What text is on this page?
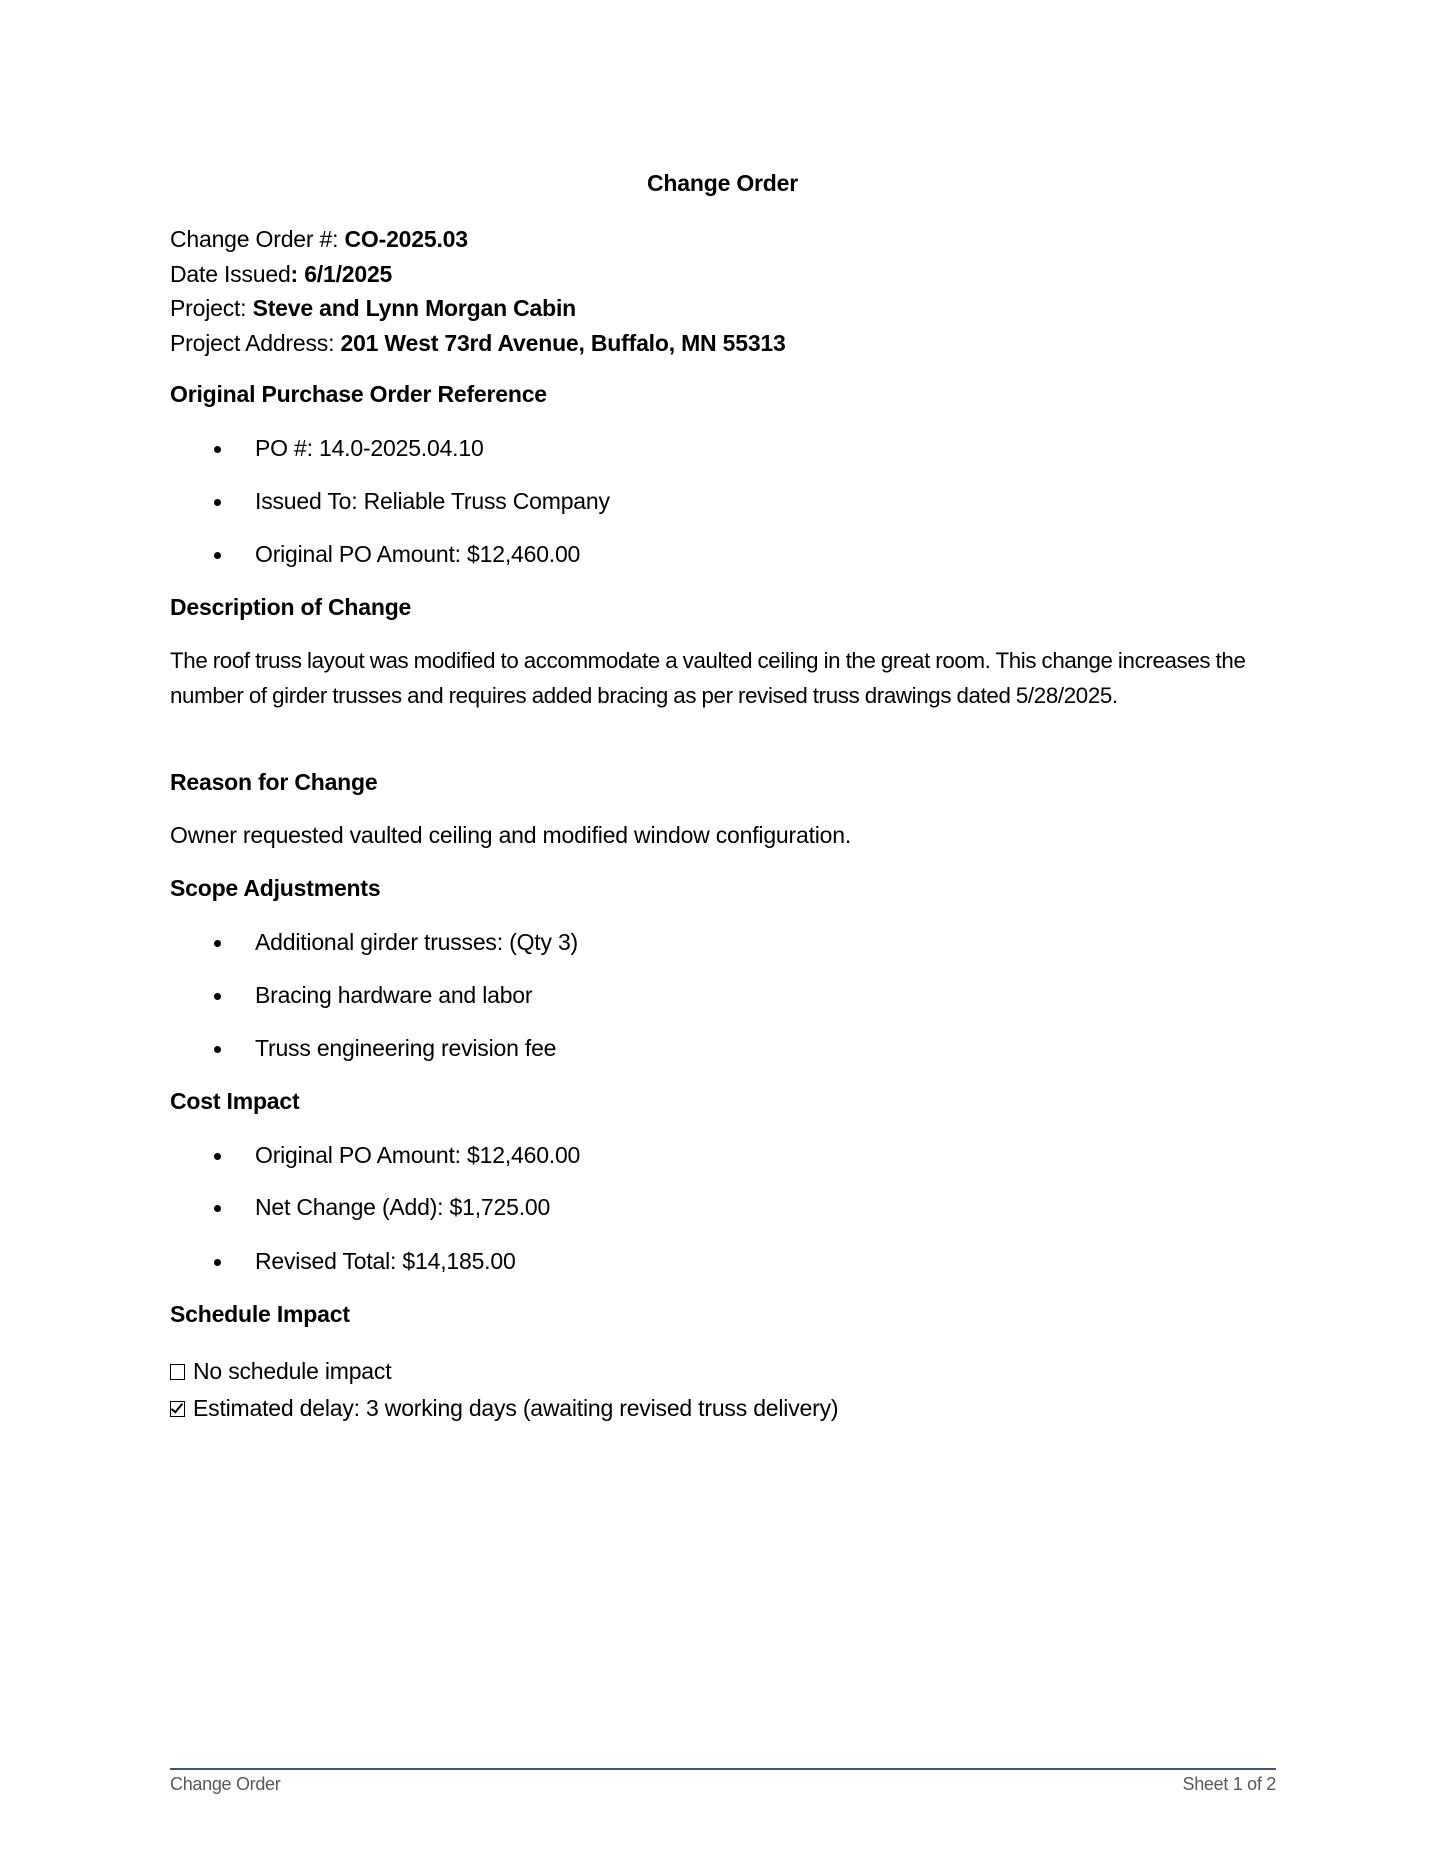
Change Order
Change Order #: CO-2025.03
Date Issued: 6/1/2025
Project: Steve and Lynn Morgan Cabin
Project Address: 201 West 73rd Avenue, Buffalo, MN 55313
Original Purchase Order Reference
PO #: 14.0-2025.04.10
Issued To: Reliable Truss Company
Original PO Amount: $12,460.00
Description of Change
The roof truss layout was modified to accommodate a vaulted ceiling in the great room. This change increases the number of girder trusses and requires added bracing as per revised truss drawings dated 5/28/2025.
Reason for Change
Owner requested vaulted ceiling and modified window configuration.
Scope Adjustments
Additional girder trusses: (Qty 3)
Bracing hardware and labor
Truss engineering revision fee
Cost Impact
Original PO Amount: $12,460.00
Net Change (Add): $1,725.00
Revised Total: $14,185.00
Schedule Impact
No schedule impact
Estimated delay: 3 working days (awaiting revised truss delivery)
Change Order	Sheet 1 of 2
